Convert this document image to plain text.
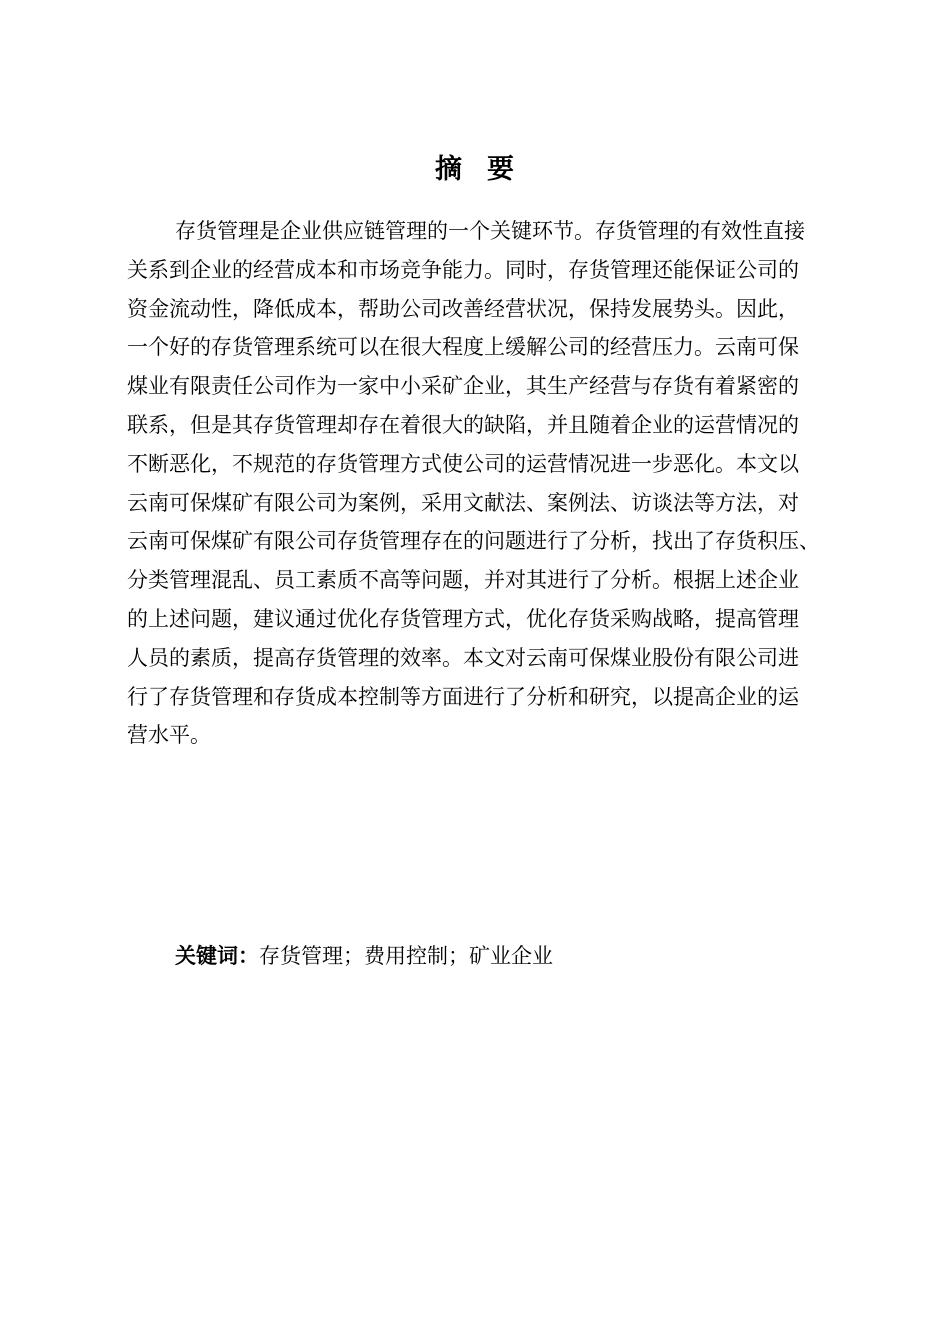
摘 要

存货管理是企业供应链管理的一个关键环节。存货管理的有效性直接
关系到企业的经营成本和市场竞争能力。同时，存货管理还能保证公司的
资金流动性，降低成本，帮助公司改善经营状况，保持发展势头。因此，
一个好的存货管理系统可以在很大程度上缓解公司的经营压力。云南可保
煤业有限责任公司作为一家中小采矿企业，其生产经营与存货有着紧密的
联系，但是其存货管理却存在着很大的缺陷，并且随着企业的运营情况的
不断恶化，不规范的存货管理方式使公司的运营情况进一步恶化。本文以
云南可保煤矿有限公司为案例，采用文献法、案例法、访谈法等方法，对
云南可保煤矿有限公司存货管理存在的问题进行了分析，找出了存货积压、
分类管理混乱、员工素质不高等问题，并对其进行了分析。根据上述企业
的上述问题，建议通过优化存货管理方式，优化存货采购战略，提高管理
人员的素质，提高存货管理的效率。本文对云南可保煤业股份有限公司进
行了存货管理和存货成本控制等方面进行了分析和研究，以提高企业的运
营水平。

关键词：存货管理；费用控制；矿业企业
